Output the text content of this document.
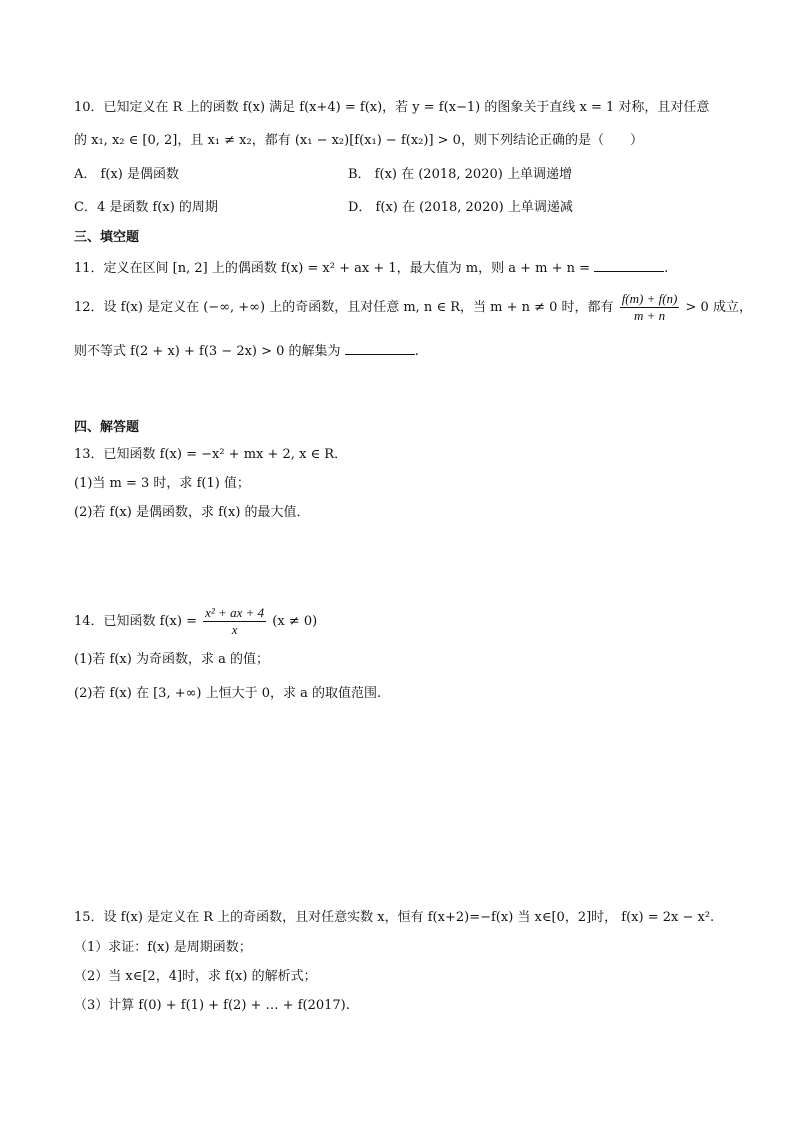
10．已知定义在 R 上的函数 f(x) 满足 f(x+4) = f(x)，若 y = f(x−1) 的图象关于直线 x = 1 对称，且对任意
的 x₁, x₂ ∈ [0, 2]，且 x₁ ≠ x₂，都有 (x₁ − x₂)[f(x₁) − f(x₂)] > 0，则下列结论正确的是（　　）
A． f(x) 是偶函数	B． f(x) 在 (2018, 2020) 上单调递增
C．4 是函数 f(x) 的周期	D． f(x) 在 (2018, 2020) 上单调递减
三、填空题
11．定义在区间 [n, 2] 上的偶函数 f(x) = x² + ax + 1，最大值为 m，则 a + m + n =	.
12．设 f(x) 是定义在 (−∞, +∞) 上的奇函数，且对任意 m, n ∈ R，当 m + n ≠ 0 时，都有 $\frac{f(m) + f(n)}{m + n} > 0$ 成立，
则不等式 f(2 + x) + f(3 − 2x) > 0 的解集为	.
四、解答题
13．已知函数 f(x) = −x² + mx + 2, x ∈ R．
(1)当 m = 3 时，求 f(1) 值；
(2)若 f(x) 是偶函数，求 f(x) 的最大值．
14．已知函数 $f(x) = \frac{\text{x² + ax + 4}}{x} (x \ne 0)$
(1)若 f(x) 为奇函数，求 a 的值；
(2)若 f(x) 在 [3, +∞) 上恒大于 0，求 a 的取值范围.
15．设 f(x) 是定义在 R 上的奇函数，且对任意实数 x，恒有 f(x+2)=−f(x) 当 x∈[0，2]时， f(x) = 2x − x².
（1）求证：f(x) 是周期函数；
（2）当 x∈[2，4]时，求 f(x) 的解析式；
（3）计算 f(0) + f(1) + f(2) + … + f(2017).
